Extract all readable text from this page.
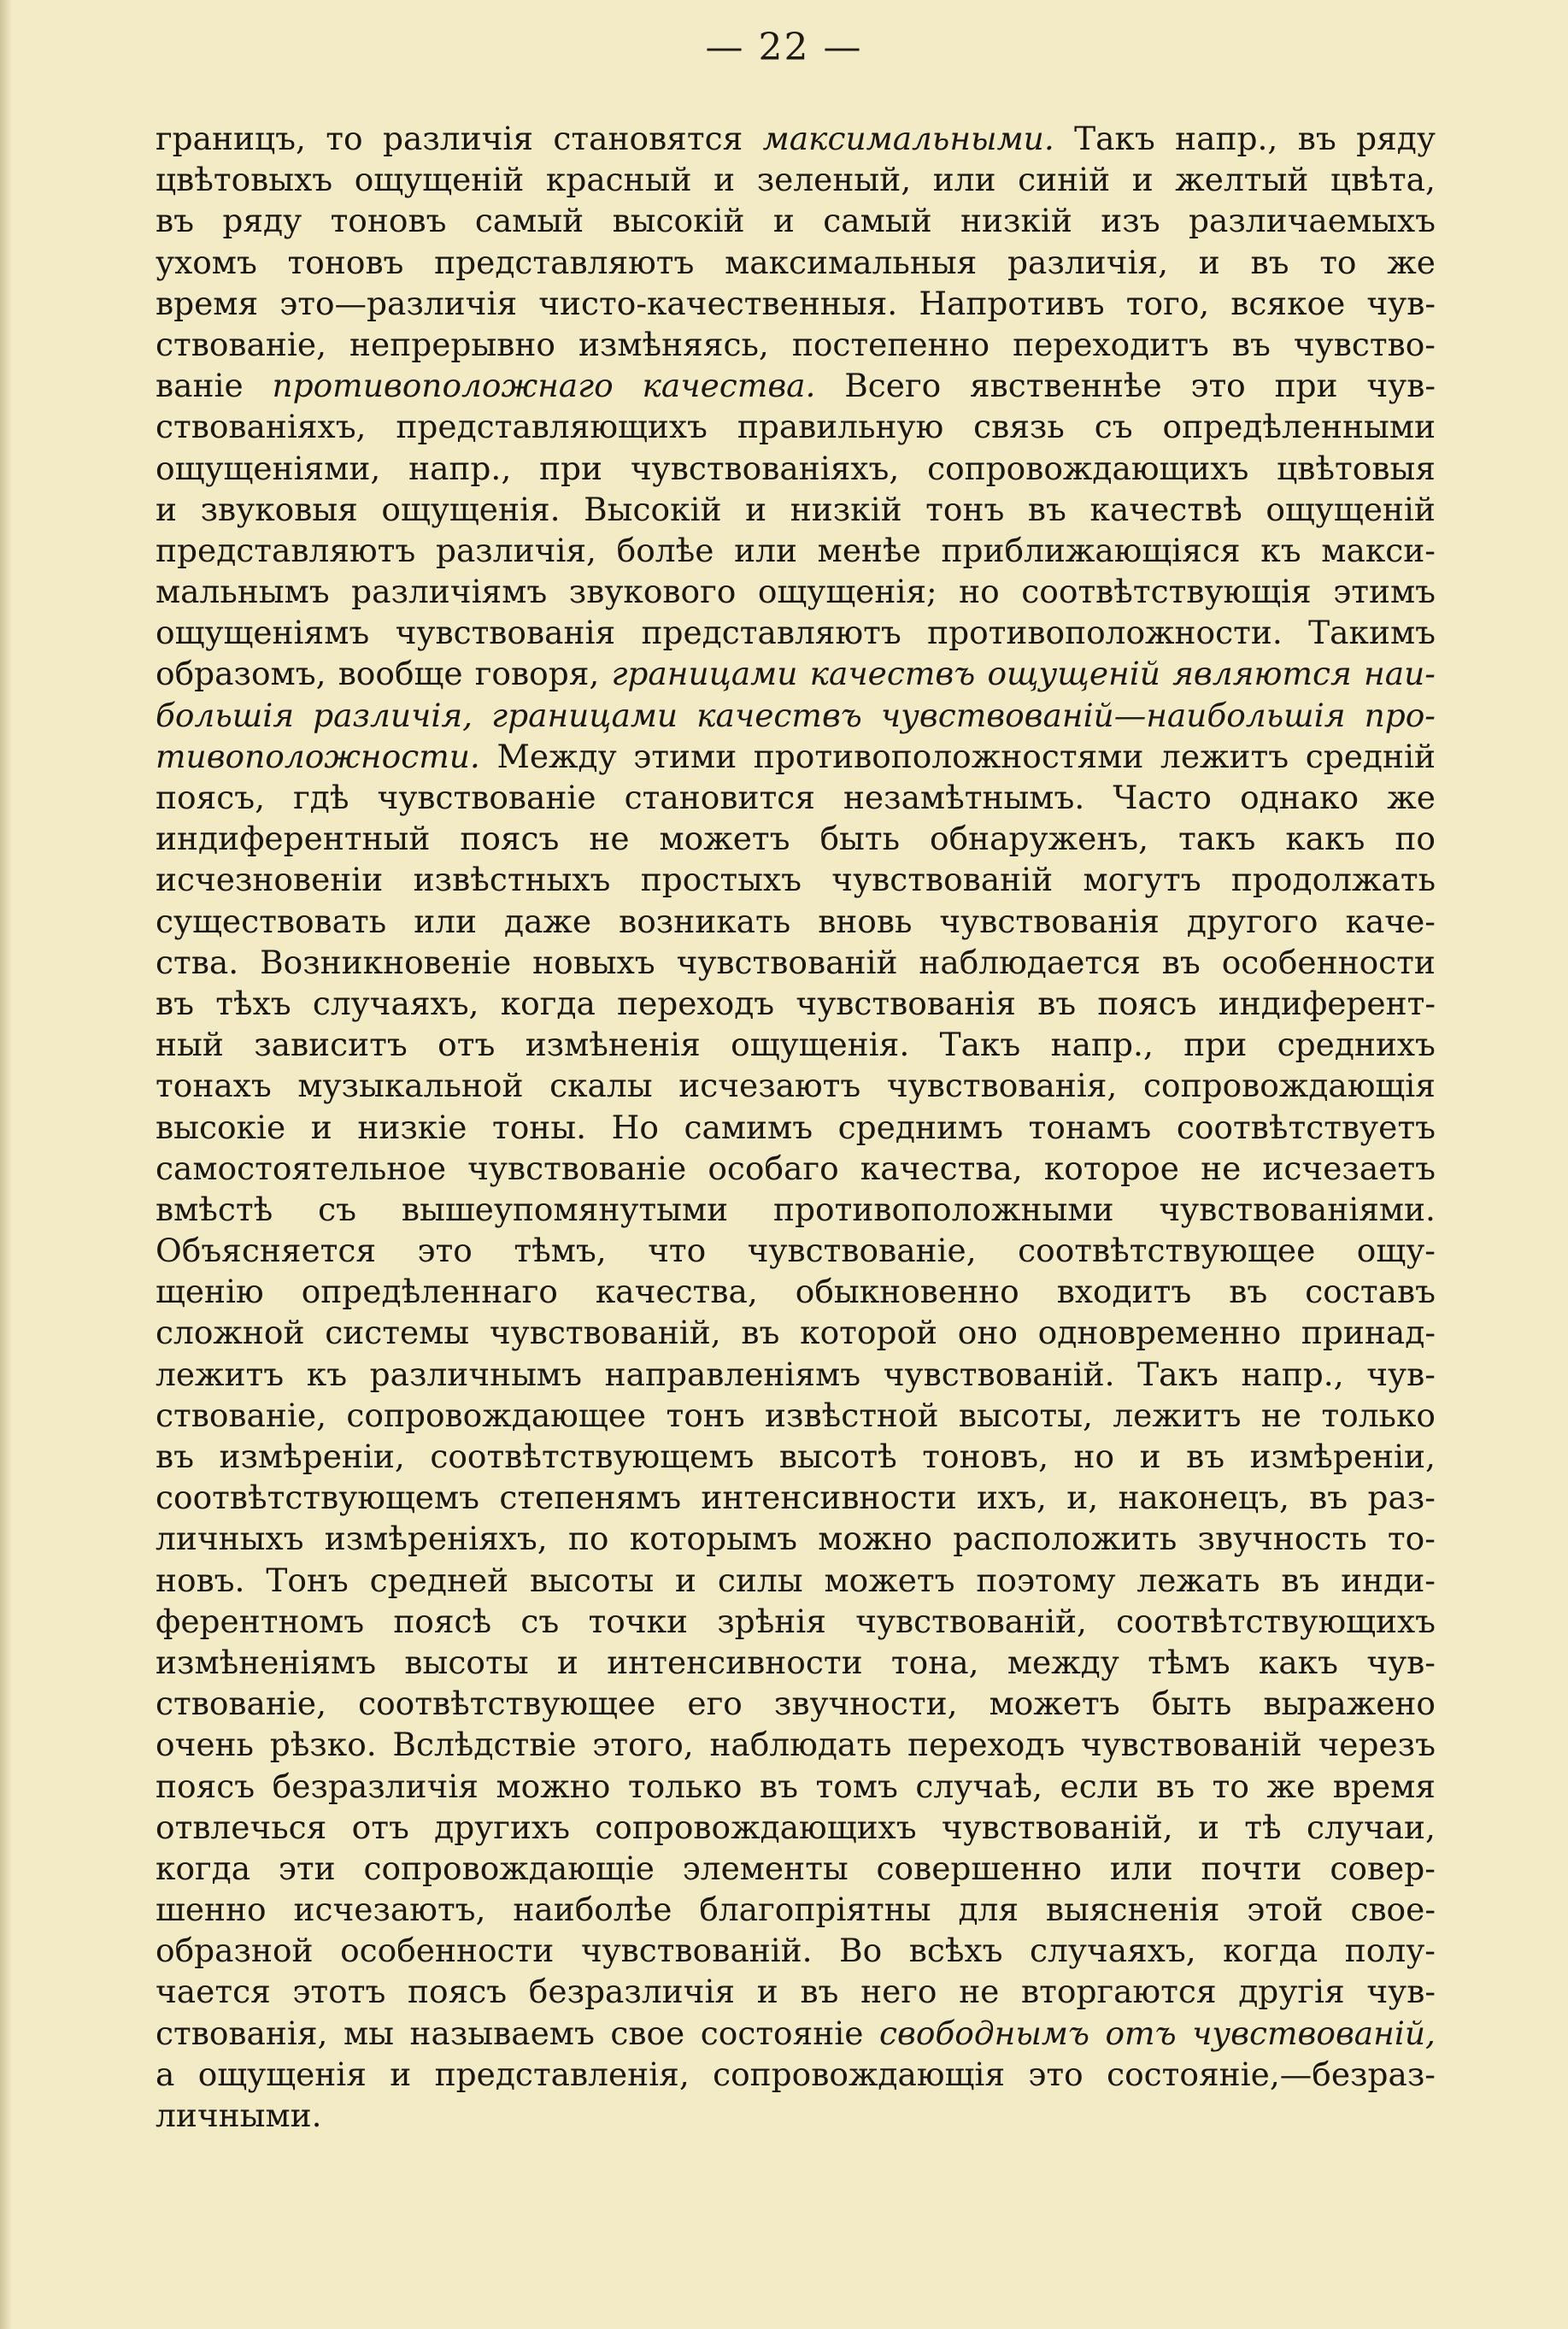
— 22 —
границъ, то различія становятся максимальными. Такъ напр., въ ряду
цвѣтовыхъ ощущеній красный и зеленый, или синій и желтый цвѣта,
въ ряду тоновъ самый высокій и самый низкій изъ различаемыхъ
ухомъ тоновъ представляютъ максимальныя различія, и въ то же
время это—различія чисто-качественныя. Напротивъ того, всякое чув-
ствованіе, непрерывно измѣняясь, постепенно переходитъ въ чувство-
ваніе противоположнаго качества. Всего явственнѣе это при чув-
ствованіяхъ, представляющихъ правильную связь съ опредѣленными
ощущеніями, напр., при чувствованіяхъ, сопровождающихъ цвѣтовыя
и звуковыя ощущенія. Высокій и низкій тонъ въ качествѣ ощущеній
представляютъ различія, болѣе или менѣе приближающіяся къ макси-
мальнымъ различіямъ звукового ощущенія; но соотвѣтствующія этимъ
ощущеніямъ чувствованія представляютъ противоположности. Такимъ
образомъ, вообще говоря, границами качествъ ощущеній являются наи-
большія различія, границами качествъ чувствованій—наибольшія про-
тивоположности. Между этими противоположностями лежитъ средній
поясъ, гдѣ чувствованіе становится незамѣтнымъ. Часто однако же
индиферентный поясъ не можетъ быть обнаруженъ, такъ какъ по
исчезновеніи извѣстныхъ простыхъ чувствованій могутъ продолжать
существовать или даже возникать вновь чувствованія другого каче-
ства. Возникновеніе новыхъ чувствованій наблюдается въ особенности
въ тѣхъ случаяхъ, когда переходъ чувствованія въ поясъ индиферент-
ный зависитъ отъ измѣненія ощущенія. Такъ напр., при среднихъ
тонахъ музыкальной скалы исчезаютъ чувствованія, сопровождающія
высокіе и низкіе тоны. Но самимъ среднимъ тонамъ соотвѣтствуетъ
самостоятельное чувствованіе особаго качества, которое не исчезаетъ
вмѣстѣ съ вышеупомянутыми противоположными чувствованіями.
Объясняется это тѣмъ, что чувствованіе, соотвѣтствующее ощу-
щенію опредѣленнаго качества, обыкновенно входитъ въ составъ
сложной системы чувствованій, въ которой оно одновременно принад-
лежитъ къ различнымъ направленіямъ чувствованій. Такъ напр., чув-
ствованіе, сопровождающее тонъ извѣстной высоты, лежитъ не только
въ измѣреніи, соотвѣтствующемъ высотѣ тоновъ, но и въ измѣреніи,
соотвѣтствующемъ степенямъ интенсивности ихъ, и, наконецъ, въ раз-
личныхъ измѣреніяхъ, по которымъ можно расположить звучность то-
новъ. Тонъ средней высоты и силы можетъ поэтому лежать въ инди-
ферентномъ поясѣ съ точки зрѣнія чувствованій, соотвѣтствующихъ
измѣненіямъ высоты и интенсивности тона, между тѣмъ какъ чув-
ствованіе, соотвѣтствующее его звучности, можетъ быть выражено
очень рѣзко. Вслѣдствіе этого, наблюдать переходъ чувствованій черезъ
поясъ безразличія можно только въ томъ случаѣ, если въ то же время
отвлечься отъ другихъ сопровождающихъ чувствованій, и тѣ случаи,
когда эти сопровождающіе элементы совершенно или почти совер-
шенно исчезаютъ, наиболѣе благопріятны для выясненія этой свое-
образной особенности чувствованій. Во всѣхъ случаяхъ, когда полу-
чается этотъ поясъ безразличія и въ него не вторгаются другія чув-
ствованія, мы называемъ свое состояніе свободнымъ отъ чувствованій,
а ощущенія и представленія, сопровождающія это состояніе,—безраз-
личными.
